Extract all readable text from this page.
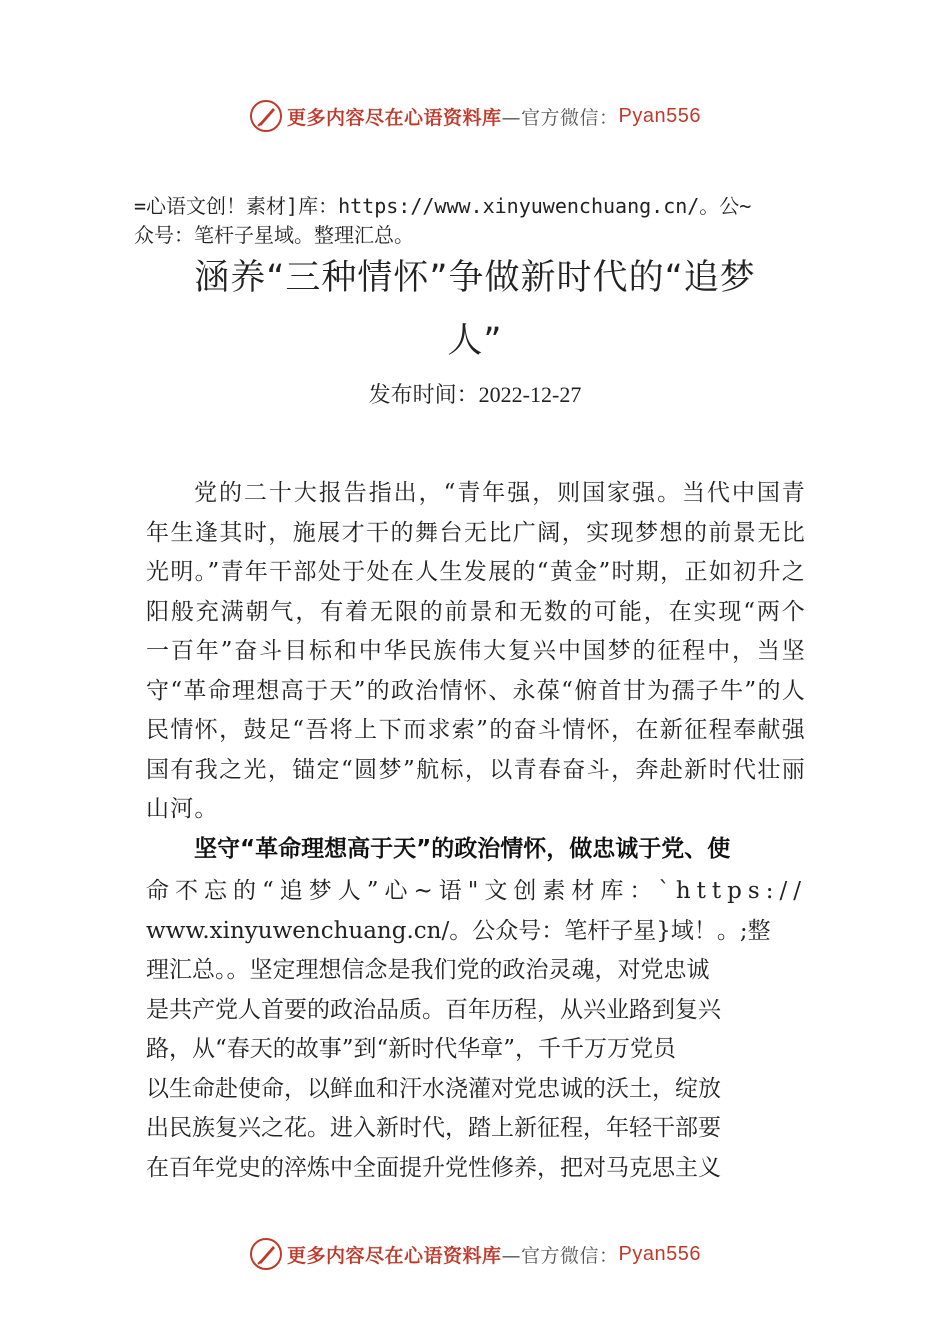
更多内容尽在心语资料库 —官方微信： Pyan556
=心语文创！素材]库：https://www.xinyuwenchuang.cn/。公~
众号：笔杆子星域。整理汇总。
涵养“三种情怀”争做新时代的“追梦
人”
发布时间：2022-12-27

党的二十大报告指出，“青年强，则国家强。当代中国青年生逢其时，施展才干的舞台无比广阔，实现梦想的前景无比光明。”青年干部处于处在人生发展的“黄金”时期，正如初升之阳般充满朝气，有着无限的前景和无数的可能，在实现“两个一百年”奋斗目标和中华民族伟大复兴中国梦的征程中，当坚守“革命理想高于天”的政治情怀、永葆“俯首甘为孺子牛”的人民情怀，鼓足“吾将上下而求索”的奋斗情怀，在新征程奉献强国有我之光，锚定“圆梦”航标，以青春奋斗，奔赴新时代壮丽山河。

坚守“革命理想高于天”的政治情怀，做忠诚于党、使
命不忘的“追梦人”心~语"文创素材库：`https://
www.xinyuwenchuang.cn/。公众号：笔杆子星}域！。;整
理汇总。。坚定理想信念是我们党的政治灵魂，对党忠诚
是共产党人首要的政治品质。百年历程，从兴业路到复兴
路，从“春天的故事”到“新时代华章”，千千万万党员
以生命赴使命，以鲜血和汗水浇灌对党忠诚的沃土，绽放
出民族复兴之花。进入新时代，踏上新征程，年轻干部要
在百年党史的淬炼中全面提升党性修养，把对马克思主义
更多内容尽在心语资料库 —官方微信： Pyan556
